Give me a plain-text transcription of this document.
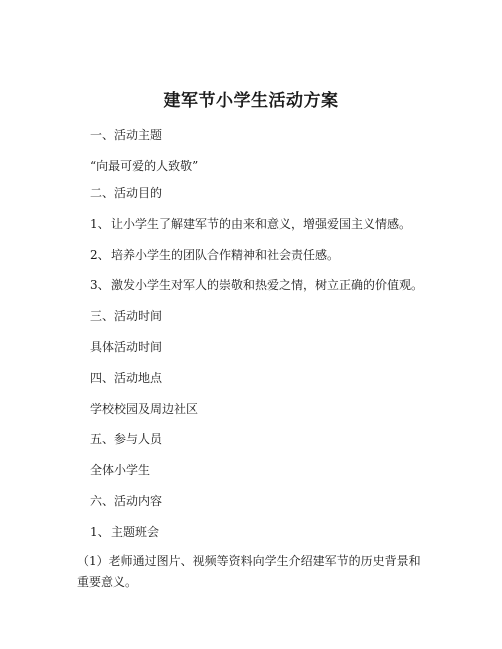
建军节小学生活动方案

一、活动主题

“向最可爱的人致敬”

二、活动目的

1、让小学生了解建军节的由来和意义，增强爱国主义情感。

2、培养小学生的团队合作精神和社会责任感。

3、激发小学生对军人的崇敬和热爱之情，树立正确的价值观。

三、活动时间

具体活动时间

四、活动地点

学校校园及周边社区

五、参与人员

全体小学生

六、活动内容

1、主题班会

（1）老师通过图片、视频等资料向学生介绍建军节的历史背景和重要意义。
